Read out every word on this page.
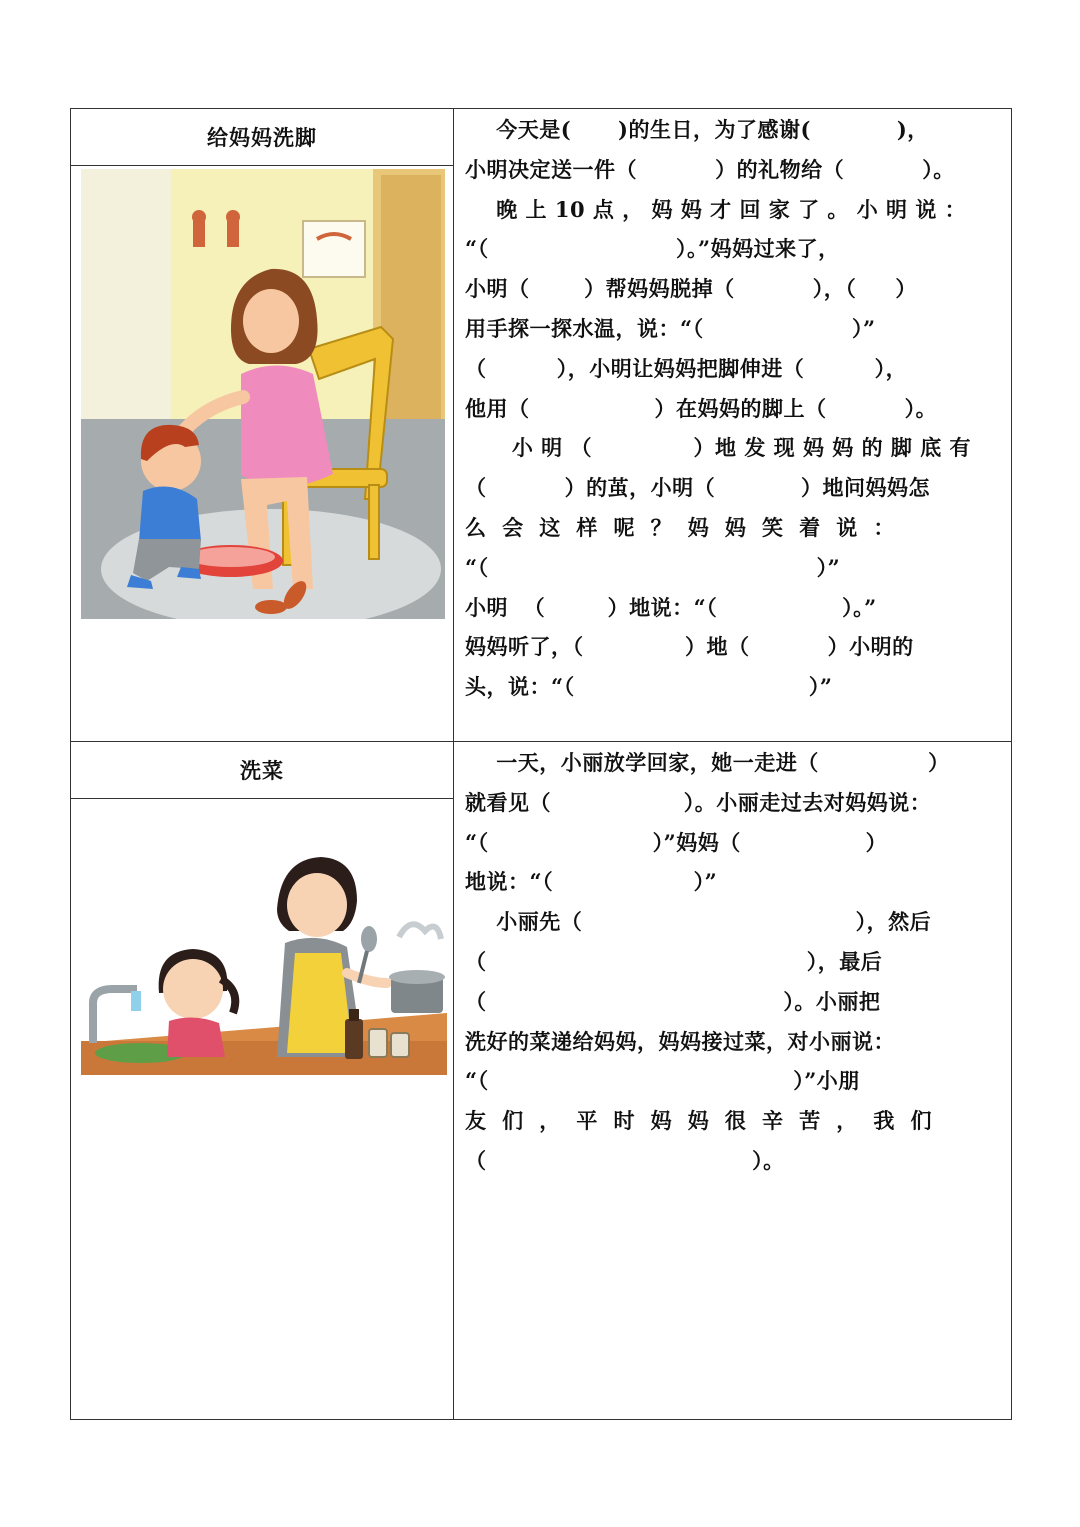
给妈妈洗脚	今天是(      )的生日，为了感谢(           )，

小明决定送一件（          ）的礼物给（          ）。

晚 上 10 点 ， 妈 妈 才 回 家 了 。 小 明 说 ：

“（                        ）。”妈妈过来了，

小明（       ）帮妈妈脱掉（          ），（     ）

用手探一探水温，说：“（                   ）”

（         ），小明让妈妈把脚伸进（         ），

他用（                ）在妈妈的脚上（          ）。

小 明 （             ）地 发 现 妈 妈 的 脚 底 有

（          ）的茧，小明（           ）地问妈妈怎

么  会  这  样  呢  ？  妈  妈  笑  着  说  ：

“（                                          ）”

小明  （        ）地说：“（                ）。”

妈妈听了，（             ）地（          ）小明的

头，说：“（                              ）”

洗菜	一天，小丽放学回家，她一走进（              ）

就看见（                 ）。小丽走过去对妈妈说：

“（                     ）”妈妈（                ）

地说：“（                  ）”

小丽先（                                   ），然后

（                                         ），最后

（                                      ）。小丽把

洗好的菜递给妈妈，妈妈接过菜，对小丽说：

“（                                       ）”小朋

友  们  ，  平  时  妈  妈  很  辛  苦  ，  我  们

（                                  ）。
